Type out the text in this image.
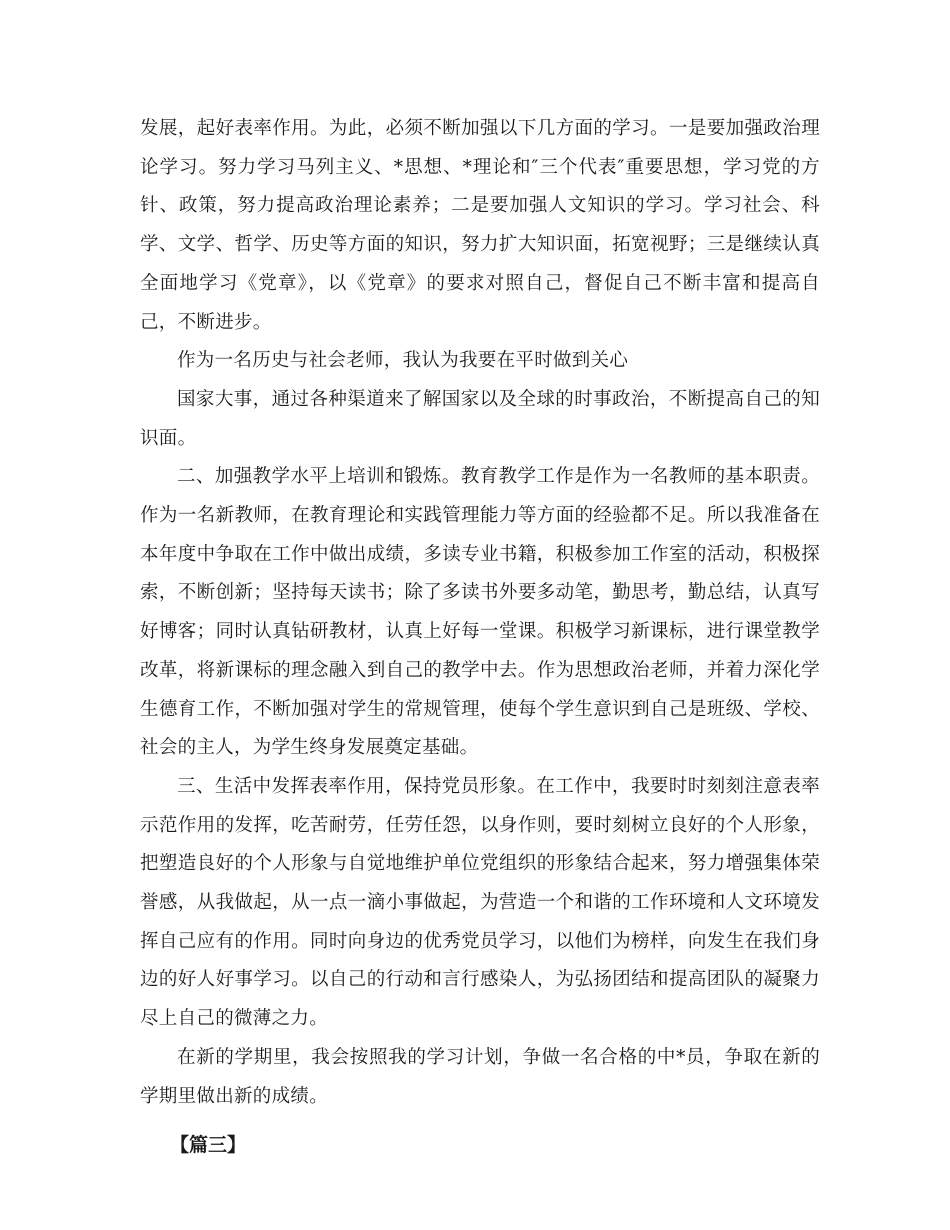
发展，起好表率作用。为此，必须不断加强以下几方面的学习。一是要加强政治理论学习。努力学习马列主义、*思想、*理论和″三个代表″重要思想，学习党的方针、政策，努力提高政治理论素养；二是要加强人文知识的学习。学习社会、科学、文学、哲学、历史等方面的知识，努力扩大知识面，拓宽视野；三是继续认真全面地学习《党章》，以《党章》的要求对照自己，督促自己不断丰富和提高自己，不断进步。

作为一名历史与社会老师，我认为我要在平时做到关心

国家大事，通过各种渠道来了解国家以及全球的时事政治，不断提高自己的知识面。

二、加强教学水平上培训和锻炼。教育教学工作是作为一名教师的基本职责。作为一名新教师，在教育理论和实践管理能力等方面的经验都不足。所以我准备在本年度中争取在工作中做出成绩，多读专业书籍，积极参加工作室的活动，积极探索，不断创新；坚持每天读书；除了多读书外要多动笔，勤思考，勤总结，认真写好博客；同时认真钻研教材，认真上好每一堂课。积极学习新课标，进行课堂教学改革，将新课标的理念融入到自己的教学中去。作为思想政治老师，并着力深化学生德育工作，不断加强对学生的常规管理，使每个学生意识到自己是班级、学校、社会的主人，为学生终身发展奠定基础。

三、生活中发挥表率作用，保持党员形象。在工作中，我要时时刻刻注意表率示范作用的发挥，吃苦耐劳，任劳任怨，以身作则，要时刻树立良好的个人形象，把塑造良好的个人形象与自觉地维护单位党组织的形象结合起来，努力增强集体荣誉感，从我做起，从一点一滴小事做起，为营造一个和谐的工作环境和人文环境发挥自己应有的作用。同时向身边的优秀党员学习，以他们为榜样，向发生在我们身边的好人好事学习。以自己的行动和言行感染人，为弘扬团结和提高团队的凝聚力尽上自己的微薄之力。

在新的学期里，我会按照我的学习计划，争做一名合格的中*员，争取在新的学期里做出新的成绩。

【篇三】
